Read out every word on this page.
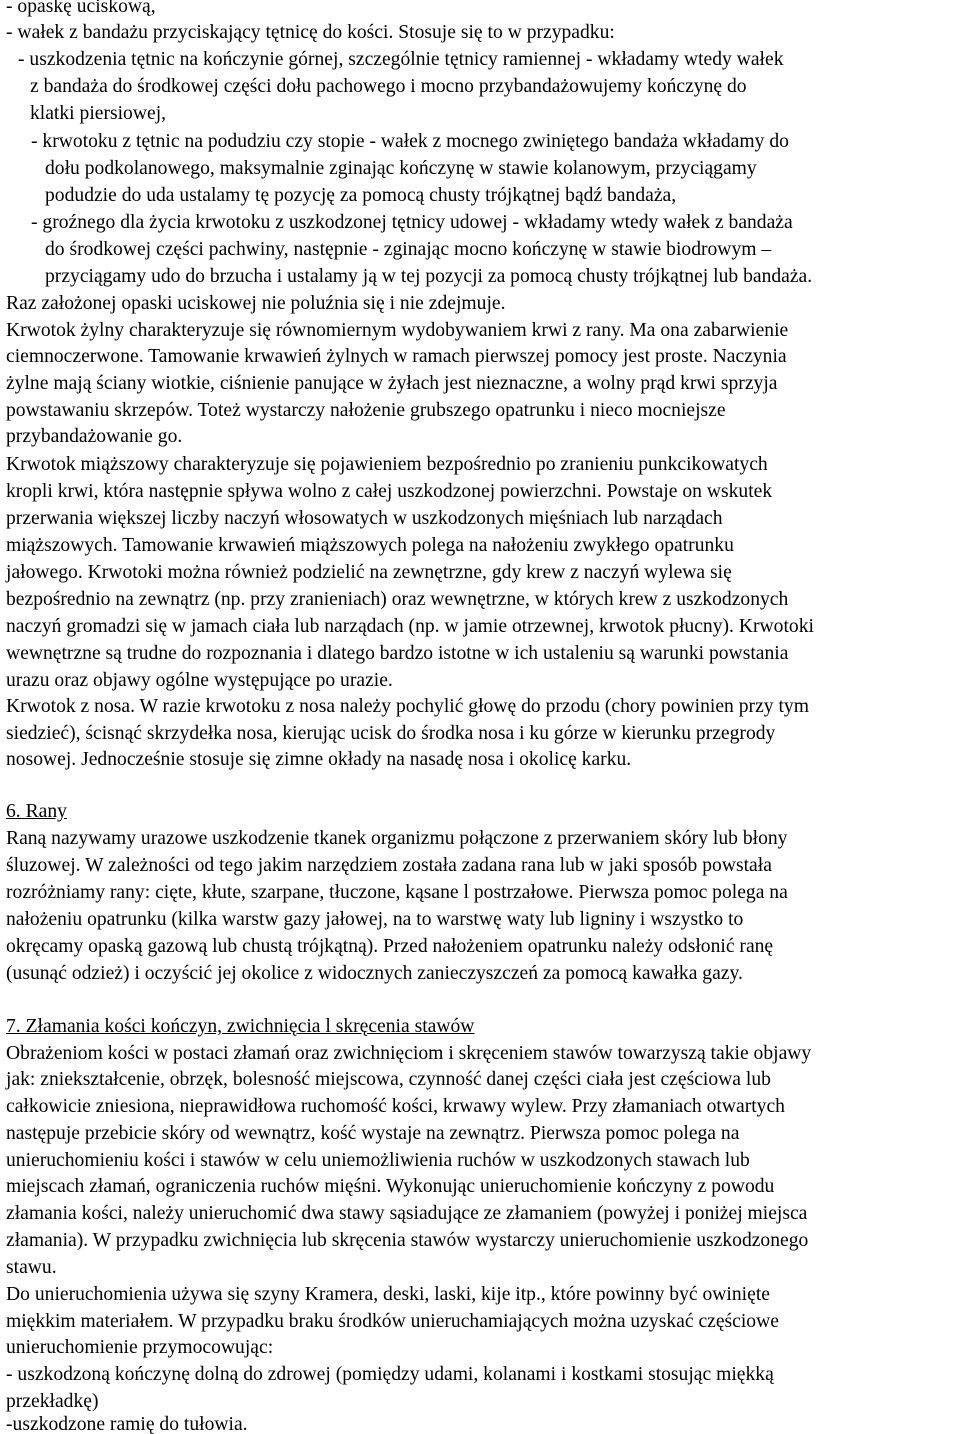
- opaskę uciskową,
- wałek z bandażu przyciskający tętnicę do kości. Stosuje się to w przypadku:
- uszkodzenia tętnic na kończynie górnej, szczególnie tętnicy ramiennej - wkładamy wtedy wałek
z bandaża do środkowej części dołu pachowego i mocno przybandażowujemy kończynę do
klatki piersiowej,
- krwotoku z tętnic na podudziu czy stopie - wałek z mocnego zwiniętego bandaża wkładamy do
dołu podkolanowego, maksymalnie zginając kończynę w stawie kolanowym, przyciągamy
podudzie do uda ustalamy tę pozycję za pomocą chusty trójkątnej bądź bandaża,
- groźnego dla życia krwotoku z uszkodzonej tętnicy udowej - wkładamy wtedy wałek z bandaża
do środkowej części pachwiny, następnie - zginając mocno kończynę w stawie biodrowym –
przyciągamy udo do brzucha i ustalamy ją w tej pozycji za pomocą chusty trójkątnej lub bandaża.
Raz założonej opaski uciskowej nie poluźnia się i nie zdejmuje.
Krwotok żylny charakteryzuje się równomiernym wydobywaniem krwi z rany. Ma ona zabarwienie
ciemnoczerwone. Tamowanie krwawień żylnych w ramach pierwszej pomocy jest proste. Naczynia
żylne mają ściany wiotkie, ciśnienie panujące w żyłach jest nieznaczne, a wolny prąd krwi sprzyja
powstawaniu skrzepów. Toteż wystarczy nałożenie grubszego opatrunku i nieco mocniejsze
przybandażowanie go.
Krwotok miąższowy charakteryzuje się pojawieniem bezpośrednio po zranieniu punkcikowatych
kropli krwi, która następnie spływa wolno z całej uszkodzonej powierzchni. Powstaje on wskutek
przerwania większej liczby naczyń włosowatych w uszkodzonych mięśniach lub narządach
miąższowych. Tamowanie krwawień miąższowych polega na nałożeniu zwykłego opatrunku
jałowego. Krwotoki można również podzielić na zewnętrzne, gdy krew z naczyń wylewa się
bezpośrednio na zewnątrz (np. przy zranieniach) oraz wewnętrzne, w których krew z uszkodzonych
naczyń gromadzi się w jamach ciała lub narządach (np. w jamie otrzewnej, krwotok płucny). Krwotoki
wewnętrzne są trudne do rozpoznania i dlatego bardzo istotne w ich ustaleniu są warunki powstania
urazu oraz objawy ogólne występujące po urazie.
Krwotok z nosa. W razie krwotoku z nosa należy pochylić głowę do przodu (chory powinien przy tym
siedzieć), ścisnąć skrzydełka nosa, kierując ucisk do środka nosa i ku górze w kierunku przegrody
nosowej. Jednocześnie stosuje się zimne okłady na nasadę nosa i okolicę karku.
6. Rany
Raną nazywamy urazowe uszkodzenie tkanek organizmu połączone z przerwaniem skóry lub błony
śluzowej. W zależności od tego jakim narzędziem została zadana rana lub w jaki sposób powstała
rozróżniamy rany: cięte, kłute, szarpane, tłuczone, kąsane l postrzałowe. Pierwsza pomoc polega na
nałożeniu opatrunku (kilka warstw gazy jałowej, na to warstwę waty lub ligniny i wszystko to
okręcamy opaską gazową lub chustą trójkątną). Przed nałożeniem opatrunku należy odsłonić ranę
(usunąć odzież) i oczyścić jej okolice z widocznych zanieczyszczeń za pomocą kawałka gazy.
7. Złamania kości kończyn, zwichnięcia l skręcenia stawów
Obrażeniom kości w postaci złamań oraz zwichnięciom i skręceniem stawów towarzyszą takie objawy
jak: zniekształcenie, obrzęk, bolesność miejscowa, czynność danej części ciała jest częściowa lub
całkowicie zniesiona, nieprawidłowa ruchomość kości, krwawy wylew. Przy złamaniach otwartych
następuje przebicie skóry od wewnątrz, kość wystaje na zewnątrz. Pierwsza pomoc polega na
unieruchomieniu kości i stawów w celu uniemożliwienia ruchów w uszkodzonych stawach lub
miejscach złamań, ograniczenia ruchów mięśni. Wykonując unieruchomienie kończyny z powodu
złamania kości, należy unieruchomić dwa stawy sąsiadujące ze złamaniem (powyżej i poniżej miejsca
złamania). W przypadku zwichnięcia lub skręcenia stawów wystarczy unieruchomienie uszkodzonego
stawu.
Do unieruchomienia używa się szyny Kramera, deski, laski, kije itp., które powinny być owinięte
miękkim materiałem. W przypadku braku środków unieruchamiających można uzyskać częściowe
unieruchomienie przymocowując:
- uszkodzoną kończynę dolną do zdrowej (pomiędzy udami, kolanami i kostkami stosując miękką
przekładkę)
-uszkodzone ramię do tułowia.
